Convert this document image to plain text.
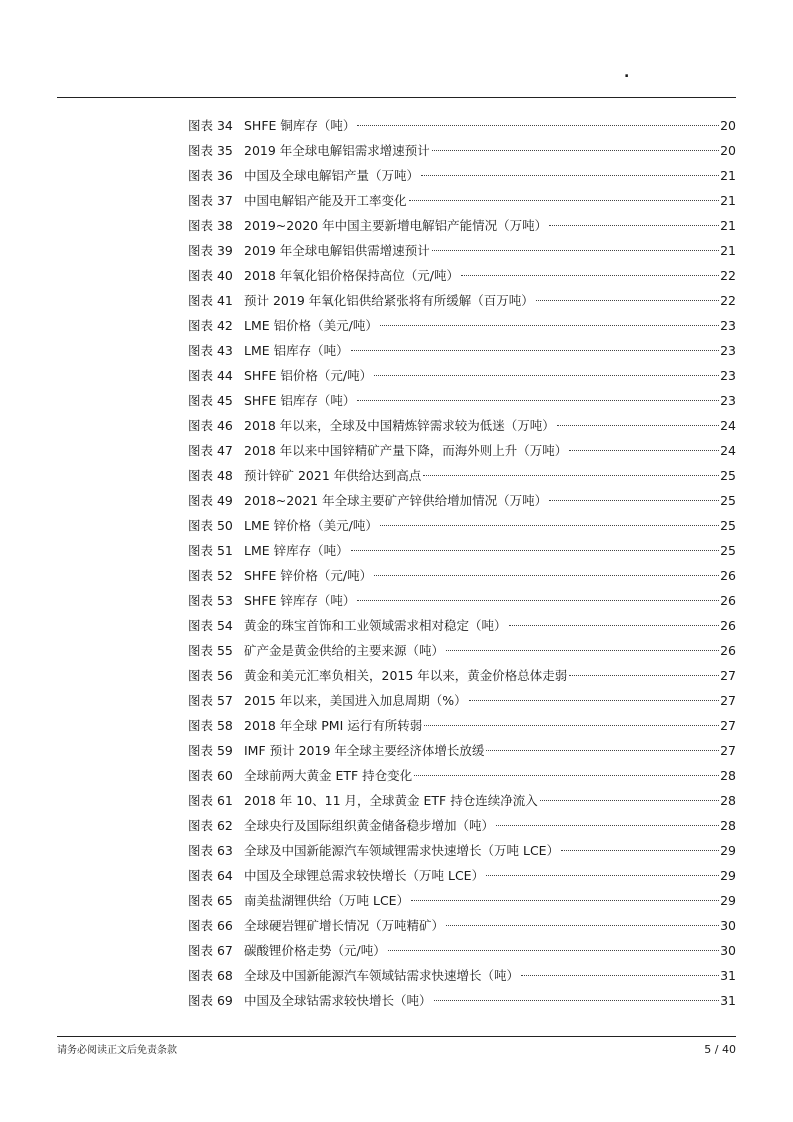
.
图表 34 SHFE 铜库存（吨）	20
图表 35 2019 年全球电解铝需求增速预计	20
图表 36 中国及全球电解铝产量（万吨）	21
图表 37 中国电解铝产能及开工率变化	21
图表 38 2019~2020 年中国主要新增电解铝产能情况（万吨）	21
图表 39 2019 年全球电解铝供需增速预计	21
图表 40 2018 年氧化铝价格保持高位（元/吨）	22
图表 41 预计 2019 年氧化铝供给紧张将有所缓解（百万吨）	22
图表 42 LME 铝价格（美元/吨）	23
图表 43 LME 铝库存（吨）	23
图表 44 SHFE 铝价格（元/吨）	23
图表 45 SHFE 铝库存（吨）	23
图表 46 2018 年以来，全球及中国精炼锌需求较为低迷（万吨）	24
图表 47 2018 年以来中国锌精矿产量下降，而海外则上升（万吨）	24
图表 48 预计锌矿 2021 年供给达到高点	25
图表 49 2018~2021 年全球主要矿产锌供给增加情况（万吨）	25
图表 50 LME 锌价格（美元/吨）	25
图表 51 LME 锌库存（吨）	25
图表 52 SHFE 锌价格（元/吨）	26
图表 53 SHFE 锌库存（吨）	26
图表 54 黄金的珠宝首饰和工业领域需求相对稳定（吨）	26
图表 55 矿产金是黄金供给的主要来源（吨）	26
图表 56 黄金和美元汇率负相关，2015 年以来，黄金价格总体走弱	27
图表 57 2015 年以来，美国进入加息周期（%）	27
图表 58 2018 年全球 PMI 运行有所转弱	27
图表 59 IMF 预计 2019 年全球主要经济体增长放缓	27
图表 60 全球前两大黄金 ETF 持仓变化	28
图表 61 2018 年 10、11 月，全球黄金 ETF 持仓连续净流入	28
图表 62 全球央行及国际组织黄金储备稳步增加（吨）	28
图表 63 全球及中国新能源汽车领域锂需求快速增长（万吨 LCE）	29
图表 64 中国及全球锂总需求较快增长（万吨 LCE）	29
图表 65 南美盐湖锂供给（万吨 LCE）	29
图表 66 全球硬岩锂矿增长情况（万吨精矿）	30
图表 67 碳酸锂价格走势（元/吨）	30
图表 68 全球及中国新能源汽车领域钴需求快速增长（吨）	31
图表 69 中国及全球钴需求较快增长（吨）	31
请务必阅读正文后免责条款	5 / 40
